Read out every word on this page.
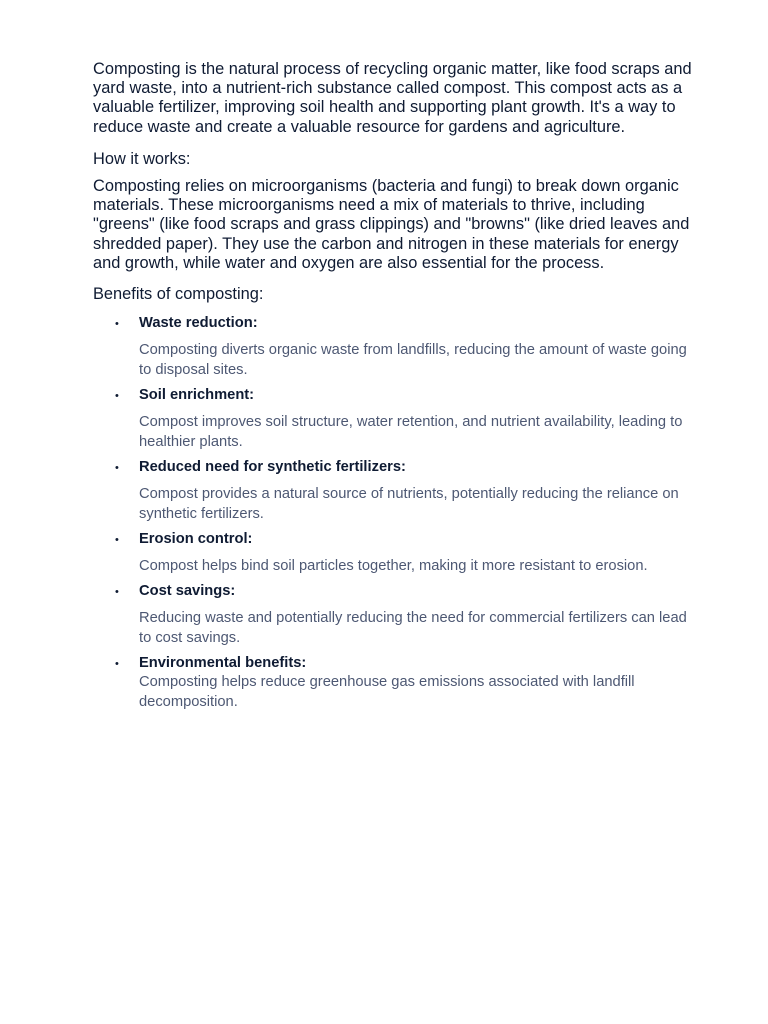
Composting is the natural process of recycling organic matter, like food scraps and yard waste, into a nutrient-rich substance called compost. This compost acts as a valuable fertilizer, improving soil health and supporting plant growth. It's a way to reduce waste and create a valuable resource for gardens and agriculture.

How it works:

Composting relies on microorganisms (bacteria and fungi) to break down organic materials. These microorganisms need a mix of materials to thrive, including "greens" (like food scraps and grass clippings) and "browns" (like dried leaves and shredded paper). They use the carbon and nitrogen in these materials for energy and growth, while water and oxygen are also essential for the process.

Benefits of composting:

• Waste reduction:
Composting diverts organic waste from landfills, reducing the amount of waste going to disposal sites.
• Soil enrichment:
Compost improves soil structure, water retention, and nutrient availability, leading to healthier plants.
• Reduced need for synthetic fertilizers:
Compost provides a natural source of nutrients, potentially reducing the reliance on synthetic fertilizers.
• Erosion control:
Compost helps bind soil particles together, making it more resistant to erosion.
• Cost savings:
Reducing waste and potentially reducing the need for commercial fertilizers can lead to cost savings.
• Environmental benefits:
Composting helps reduce greenhouse gas emissions associated with landfill decomposition.
